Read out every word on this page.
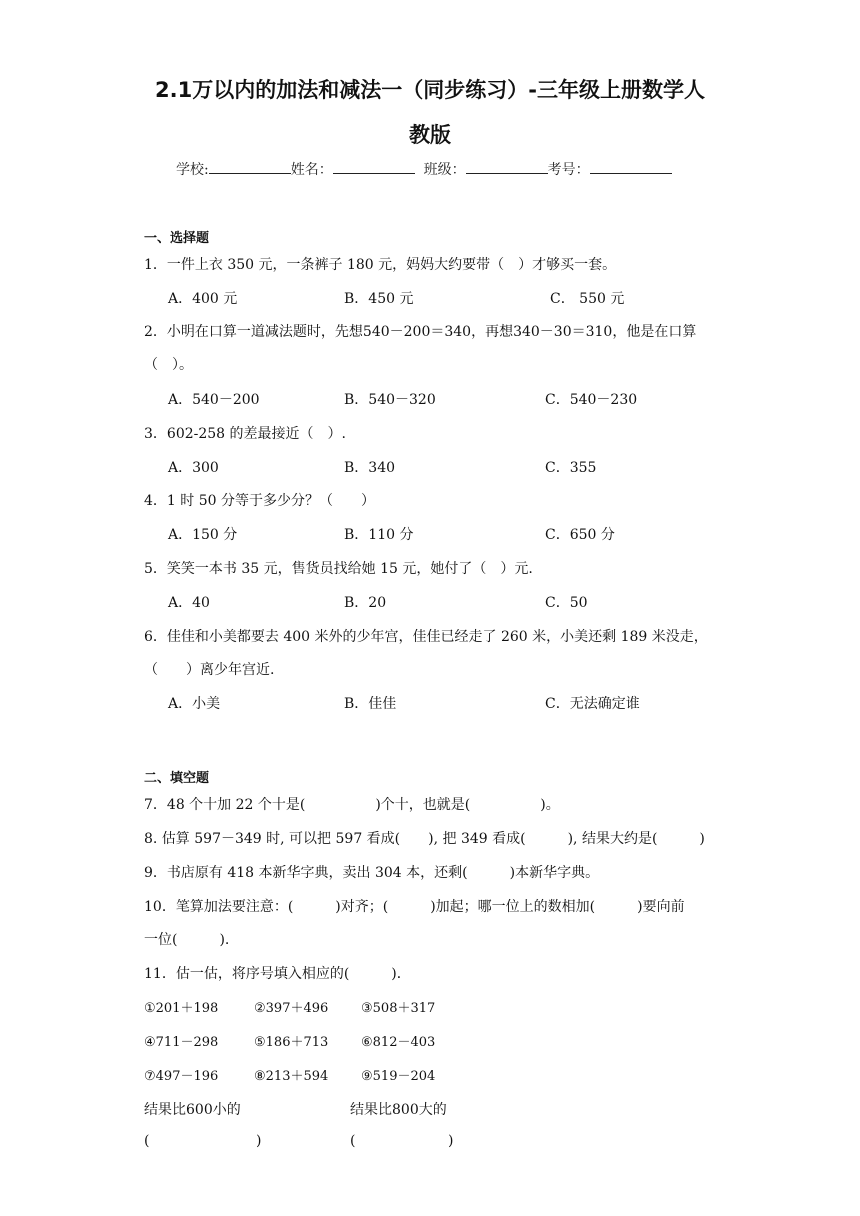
2.1万以内的加法和减法一（同步练习）-三年级上册数学人
教版
学校:	姓名：	班级：	考号：
一、选择题
1．一件上衣 350 元，一条裤子 180 元，妈妈大约要带（　）才够买一套。
A．400 元	B．450 元	C． 550 元
2．小明在口算一道减法题时，先想540－200＝340，再想340－30＝310，他是在口算
（　）。
A．540－200	B．540－320	C．540－230
3．602-258 的差最接近（　）.
A．300	B．340	C．355
4．1 时 50 分等于多少分？（　　）
A．150 分	B．110 分	C．650 分
5．笑笑一本书 35 元，售货员找给她 15 元，她付了（　）元.
A．40	B．20	C．50
6．佳佳和小美都要去 400 米外的少年宫，佳佳已经走了 260 米，小美还剩 189 米没走，
（　　）离少年宫近.
A．小美	B．佳佳	C．无法确定谁
二、填空题
7．48 个十加 22 个十是(　　　　　)个十，也就是(　　　　　)。
8. 估算 597－349 时, 可以把 597 看成(　　), 把 349 看成(　　　), 结果大约是(　　　)
9．书店原有 418 本新华字典，卖出 304 本，还剩(　　　)本新华字典。
10．笔算加法要注意：(　　　)对齐；(　　　)加起；哪一位上的数相加(　　　)要向前
一位(　　　).
11．估一估，将序号填入相应的(　　　)．
①201＋198	②397＋496	③508＋317
④711－298	⑤186＋713	⑥812－403
⑦497－196	⑧213＋594	⑨519－204
结果比600小的	结果比800大的
(	)	(	)
